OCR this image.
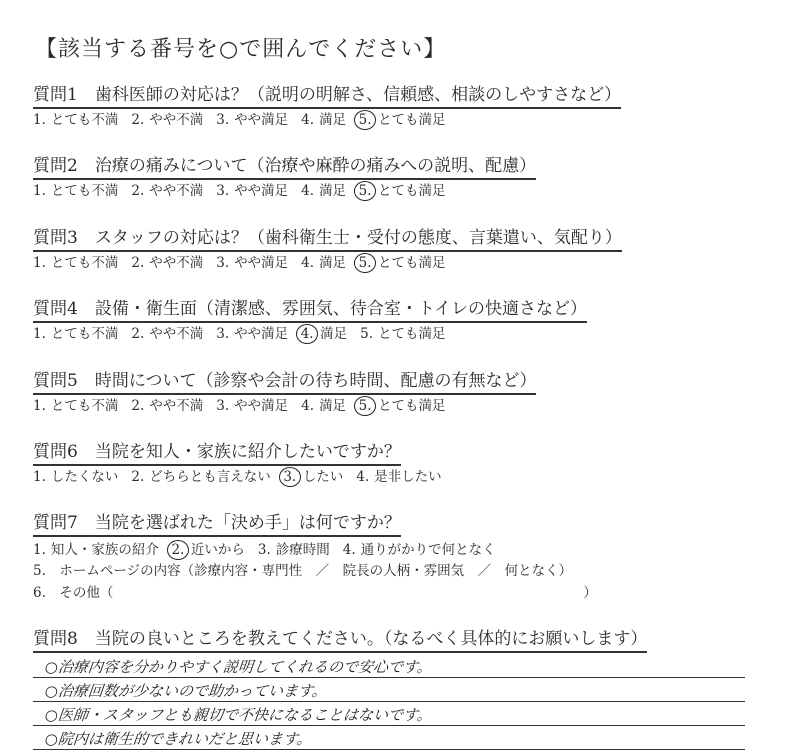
【該当する番号を○で囲んでください】
質問1　歯科医師の対応は？（説明の明解さ、信頼感、相談のしやすさなど）
1. とても不満 2. やや不満 3. やや満足 4. 満足 5. とても満足
質問2　治療の痛みについて（治療や麻酔の痛みへの説明、配慮）
1. とても不満 2. やや不満 3. やや満足 4. 満足 5. とても満足
質問3　スタッフの対応は？（歯科衛生士・受付の態度、言葉遣い、気配り）
1. とても不満 2. やや不満 3. やや満足 4. 満足 5. とても満足
質問4　設備・衛生面（清潔感、雰囲気、待合室・トイレの快適さなど）
1. とても不満 2. やや不満 3. やや満足 4. 満足 5. とても満足
質問5　時間について（診察や会計の待ち時間、配慮の有無など）
1. とても不満 2. やや不満 3. やや満足 4. 満足 5. とても満足
質問6　当院を知人・家族に紹介したいですか？
1. したくない 2. どちらとも言えない 3. したい 4. 是非したい
質問7　当院を選ばれた「決め手」は何ですか？
1. 知人・家族の紹介 2. 近いから 3. 診療時間 4. 通りがかりで何となく
5.　ホームページの内容（診療内容・専門性　／　院長の人柄・雰囲気　／　何となく）
6.　その他（	）
質問8　当院の良いところを教えてください。（なるべく具体的にお願いします）
○治療内容を分かりやすく説明してくれるので安心です。
○治療回数が少ないので助かっています。
○医師・スタッフとも親切で不快になることはないです。
○院内は衛生的できれいだと思います。
